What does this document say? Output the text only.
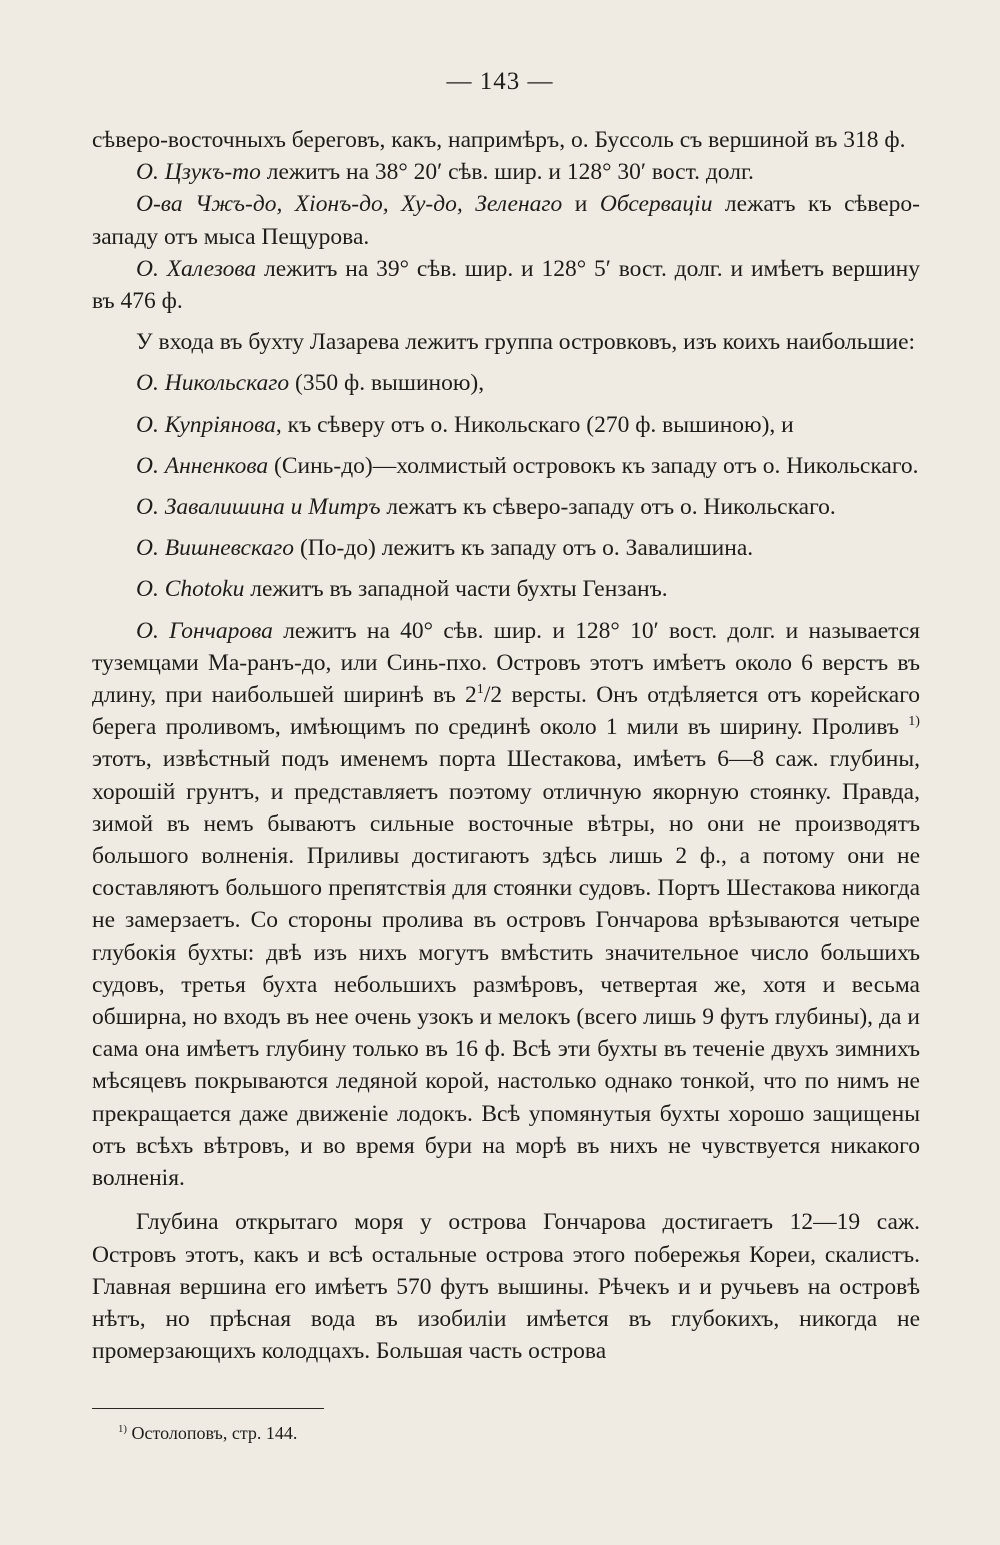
— 143 —

сѣверо-восточныхъ береговъ, какъ, напримѣръ, о. Буссоль съ вершиной въ 318 ф.

О. Цзукъ-то лежитъ на 38° 20′ сѣв. шир. и 128° 30′ вост. долг.

О-ва Чжъ-до, Хіонъ-до, Ху-до, Зеленаго и Обсерваціи лежатъ къ сѣверо-западу отъ мыса Пещурова.

О. Халезова лежитъ на 39° сѣв. шир. и 128° 5′ вост. долг. и имѣетъ вершину въ 476 ф.

У входа въ бухту Лазарева лежитъ группа островковъ, изъ коихъ наибольшие:

О. Никольскаго (350 ф. вышиною),

О. Купріянова, къ сѣверу отъ о. Никольскаго (270 ф. вышиною), и

О. Анненкова (Синь-до)—холмистый островокъ къ западу отъ о. Никольскаго.

О. Завалишина и Митръ лежатъ къ сѣверо-западу отъ о. Никольскаго.

О. Вишневскаго (По-до) лежитъ къ западу отъ о. Завалишина.

О. Chotoku лежитъ въ западной части бухты Гензанъ.

О. Гончарова лежитъ на 40° сѣв. шир. и 128° 10′ вост. долг. и называется туземцами Ма-ранъ-до, или Синь-пхо. Островъ этотъ имѣетъ около 6 верстъ въ длину, при наибольшей ширинѣ въ $2^1/2$ версты. Онъ отдѣляется отъ корейскаго берега проливомъ, имѣющимъ по срединѣ около 1 мили въ ширину. Проливъ $^{1)}$ этотъ, извѣстный подъ именемъ порта Шестакова, имѣетъ 6—8 саж. глубины, хорошій грунтъ, и представляетъ поэтому отличную якорную стоянку. Правда, зимой въ немъ бываютъ сильные восточные вѣтры, но они не производятъ большого волненія. Приливы достигаютъ здѣсь лишь 2 ф., а потому они не составляютъ большого препятствія для стоянки судовъ. Портъ Шестакова никогда не замерзаетъ. Со стороны пролива въ островъ Гончарова врѣзываются четыре глубокія бухты: двѣ изъ нихъ могутъ вмѣстить значительное число большихъ судовъ, третья бухта небольшихъ размѣровъ, четвертая же, хотя и весьма обширна, но входъ въ нее очень узокъ и мелокъ (всего лишь 9 футъ глубины), да и сама она имѣетъ глубину только въ 16 ф. Всѣ эти бухты въ теченіе двухъ зимнихъ мѣсяцевъ покрываются ледяной корой, настолько однако тонкой, что по нимъ не прекращается даже движеніе лодокъ. Всѣ упомянутыя бухты хорошо защищены отъ всѣхъ вѣтровъ, и во время бури на морѣ въ нихъ не чувствуется никакого волненія.

Глубина открытаго моря у острова Гончарова достигаетъ 12—19 саж. Островъ этотъ, какъ и всѣ остальные острова этого побережья Кореи, скалистъ. Главная вершина его имѣетъ 570 футъ вышины. Рѣчекъ и и ручьевъ на островѣ нѣтъ, но прѣсная вода въ изобиліи имѣется въ глубокихъ, никогда не промерзающихъ колодцахъ. Большая часть острова

$^{1)}$ Остолоповъ, стр. 144.
